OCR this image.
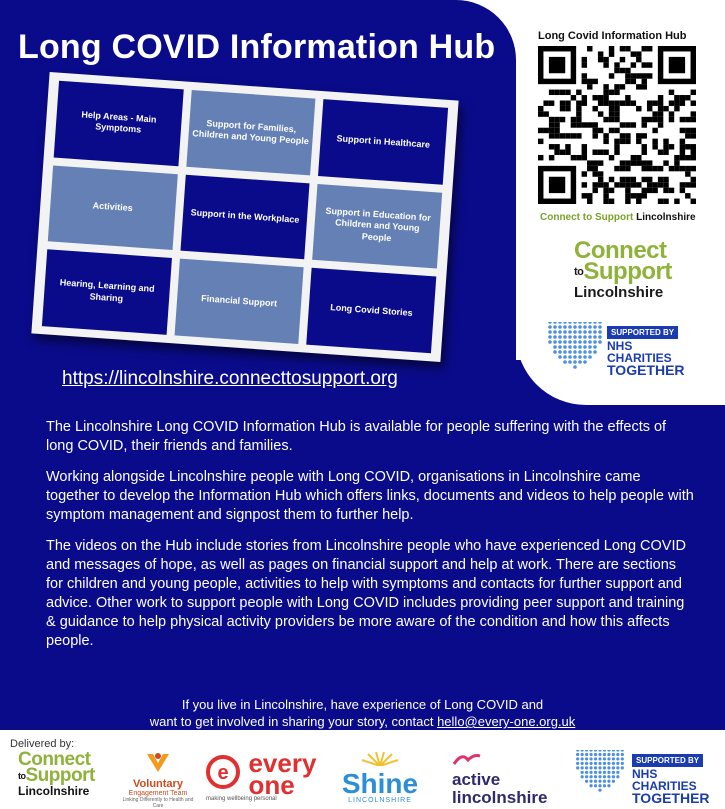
Long COVID Information Hub
Help Areas - Main Symptoms	Support for Families, Children and Young People	Support in Healthcare
Activities
Support in the Workplace	Support in Education for Children and Young People
Hearing, Learning and Sharing	Financial Support
Long Covid Stories
https://lincolnshire.connecttosupport.org
Long Covid Information Hub
Connect to Support Lincolnshire
Connect
$^{to}$Support
Lincolnshire
SUPPORTED BY
NHS
CHARITIES
TOGETHER

The Lincolnshire Long COVID Information Hub is available for people suffering with the effects of long COVID, their friends and families.

Working alongside Lincolnshire people with Long COVID, organisations in Lincolnshire came together to develop the Information Hub which offers links, documents and videos to help people with symptom management and signpost them to further help.

The videos on the Hub include stories from Lincolnshire people who have experienced Long COVID and messages of hope, as well as pages on financial support and help at work. There are sections for children and young people, activities to help with symptoms and contacts for further support and advice. Other work to support people with Long COVID includes providing peer support and training & guidance to help physical activity providers be more aware of the condition and how this affects people.

If you live in Lincolnshire, have experience of Long COVID and
want to get involved in sharing your story, contact hello@every-one.org.uk
Delivered by:
Connect
$^{to}$Support
Lincolnshire	Voluntary
Engagement Team
Linking Differently to Health and Care
e
every
one
making wellbeing personal	Shine
LINCOLNSHIRE
active
lincolnshire
SUPPORTED BY
NHS
CHARITIES
TOGETHER
